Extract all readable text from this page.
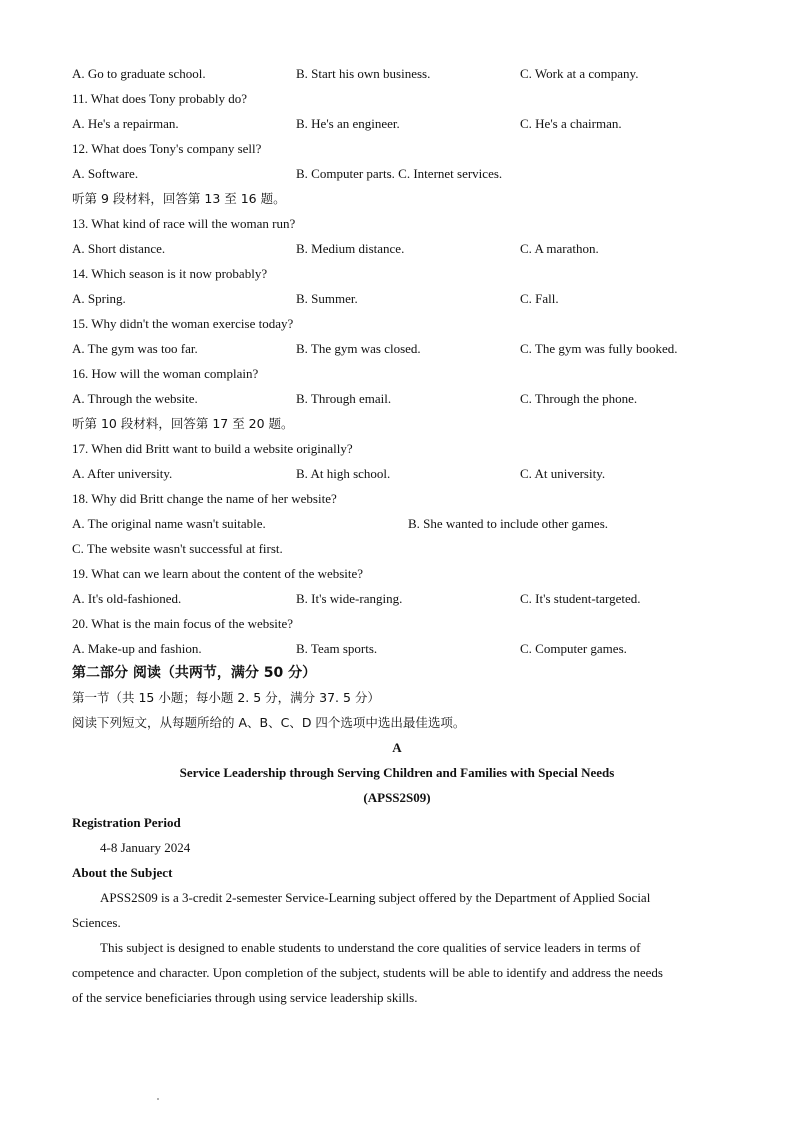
A. Go to graduate school.	B. Start his own business.	C. Work at a company.
11. What does Tony probably do?
A. He's a repairman.	B. He's an engineer.	C. He's a chairman.
12. What does Tony's company sell?
A. Software.	B. Computer parts. C. Internet services.
听第 9 段材料，回答第 13 至 16 题。
13. What kind of race will the woman run?
A. Short distance.	B. Medium distance.	C. A marathon.
14. Which season is it now probably?
A. Spring.	B. Summer.	C. Fall.
15. Why didn't the woman exercise today?
A. The gym was too far.	B. The gym was closed.	C. The gym was fully booked.
16. How will the woman complain?
A. Through the website.	B. Through email.	C. Through the phone.
听第 10 段材料，回答第 17 至 20 题。
17. When did Britt want to build a website originally?
A. After university.	B. At high school.	C. At university.
18. Why did Britt change the name of her website?
A. The original name wasn't suitable.	B. She wanted to include other games.
C. The website wasn't successful at first.
19. What can we learn about the content of the website?
A. It's old-fashioned.	B. It's wide-ranging.	C. It's student-targeted.
20. What is the main focus of the website?
A. Make-up and fashion.	B. Team sports.	C. Computer games.
第二部分 阅读（共两节，满分 50 分）
第一节（共 15 小题；每小题 2. 5 分，满分 37. 5 分）
阅读下列短文，从每题所给的 A、B、C、D 四个选项中选出最佳选项。
A
Service Leadership through Serving Children and Families with Special Needs
(APSS2S09)
Registration Period
4-8 January 2024
About the Subject
APSS2S09 is a 3-credit 2-semester Service-Learning subject offered by the Department of Applied Social
Sciences.
This subject is designed to enable students to understand the core qualities of service leaders in terms of
competence and character. Upon completion of the subject, students will be able to identify and address the needs
of the service beneficiaries through using service leadership skills.
